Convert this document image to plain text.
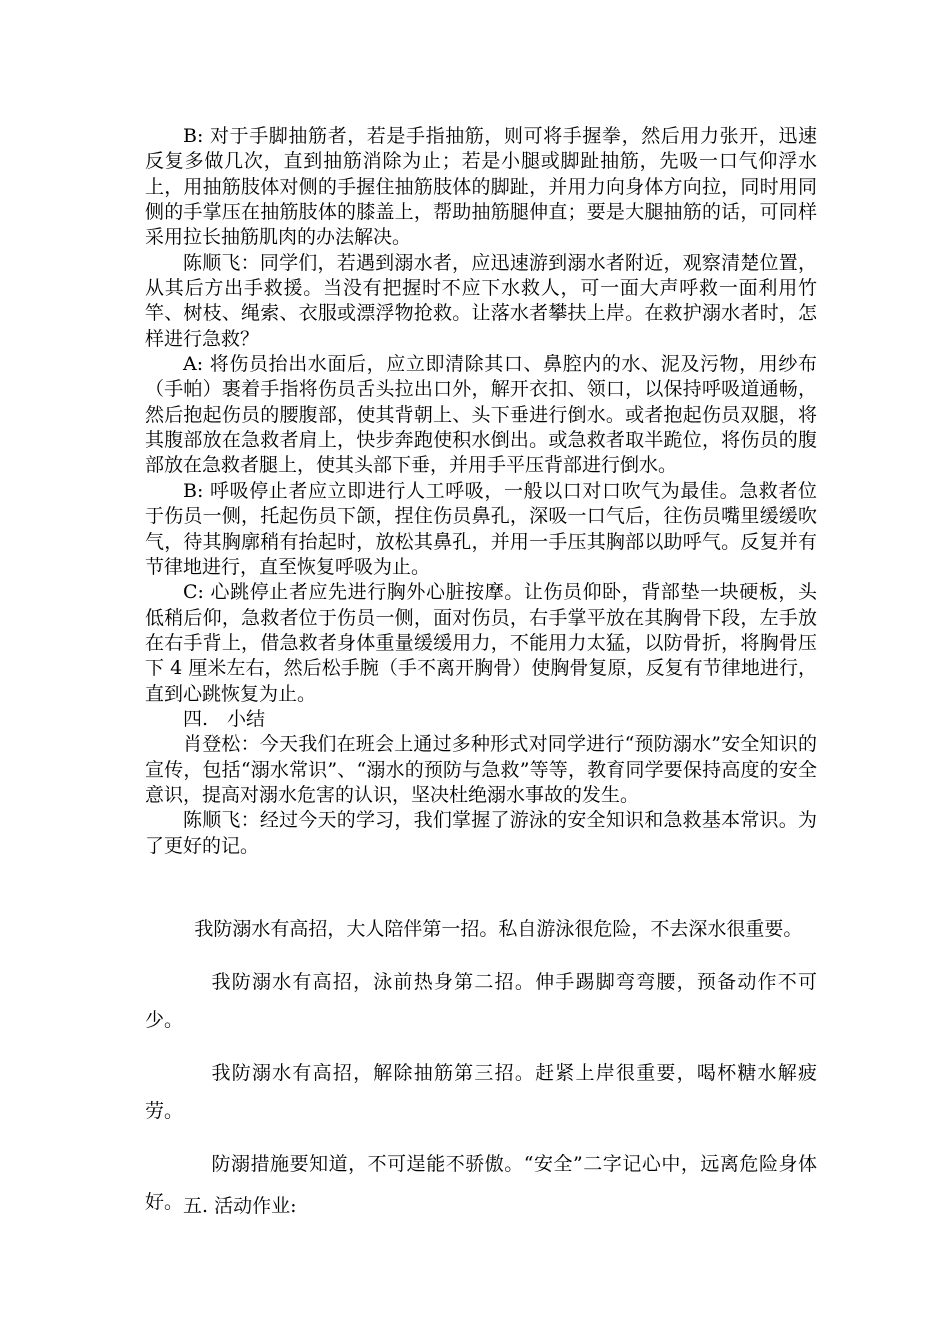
B: 对于手脚抽筋者，若是手指抽筋，则可将手握拳，然后用力张开，迅速反复多做几次，直到抽筋消除为止；若是小腿或脚趾抽筋，先吸一口气仰浮水上，用抽筋肢体对侧的手握住抽筋肢体的脚趾，并用力向身体方向拉，同时用同侧的手掌压在抽筋肢体的膝盖上，帮助抽筋腿伸直；要是大腿抽筋的话，可同样采用拉长抽筋肌肉的办法解决。

陈顺飞：同学们，若遇到溺水者，应迅速游到溺水者附近，观察清楚位置，从其后方出手救援。当没有把握时不应下水救人，可一面大声呼救一面利用竹竿、树枝、绳索、衣服或漂浮物抢救。让落水者攀扶上岸。在救护溺水者时，怎样进行急救？

A: 将伤员抬出水面后，应立即清除其口、鼻腔内的水、泥及污物，用纱布（手帕）裹着手指将伤员舌头拉出口外，解开衣扣、领口，以保持呼吸道通畅，然后抱起伤员的腰腹部，使其背朝上、头下垂进行倒水。或者抱起伤员双腿，将其腹部放在急救者肩上，快步奔跑使积水倒出。或急救者取半跪位，将伤员的腹部放在急救者腿上，使其头部下垂，并用手平压背部进行倒水。

B: 呼吸停止者应立即进行人工呼吸，一般以口对口吹气为最佳。急救者位于伤员一侧，托起伤员下颌，捏住伤员鼻孔，深吸一口气后，往伤员嘴里缓缓吹气，待其胸廓稍有抬起时，放松其鼻孔，并用一手压其胸部以助呼气。反复并有节律地进行，直至恢复呼吸为止。

C: 心跳停止者应先进行胸外心脏按摩。让伤员仰卧，背部垫一块硬板，头低稍后仰，急救者位于伤员一侧，面对伤员，右手掌平放在其胸骨下段，左手放在右手背上，借急救者身体重量缓缓用力，不能用力太猛，以防骨折，将胸骨压下 4 厘米左右，然后松手腕（手不离开胸骨）使胸骨复原，反复有节律地进行，直到心跳恢复为止。

四.　小结

肖登松：今天我们在班会上通过多种形式对同学进行“预防溺水”安全知识的宣传，包括“溺水常识”、“溺水的预防与急救”等等，教育同学要保持高度的安全意识，提高对溺水危害的认识，坚决杜绝溺水事故的发生。

陈顺飞：经过今天的学习，我们掌握了游泳的安全知识和急救基本常识。为了更好的记。

我防溺水有高招，大人陪伴第一招。私自游泳很危险，不去深水很重要。

我防溺水有高招，泳前热身第二招。伸手踢脚弯弯腰，预备动作不可少。

我防溺水有高招，解除抽筋第三招。赶紧上岸很重要，喝杯糖水解疲劳。

防溺措施要知道，不可逞能不骄傲。“安全”二字记心中，远离危险身体好。 五. 活动作业:
